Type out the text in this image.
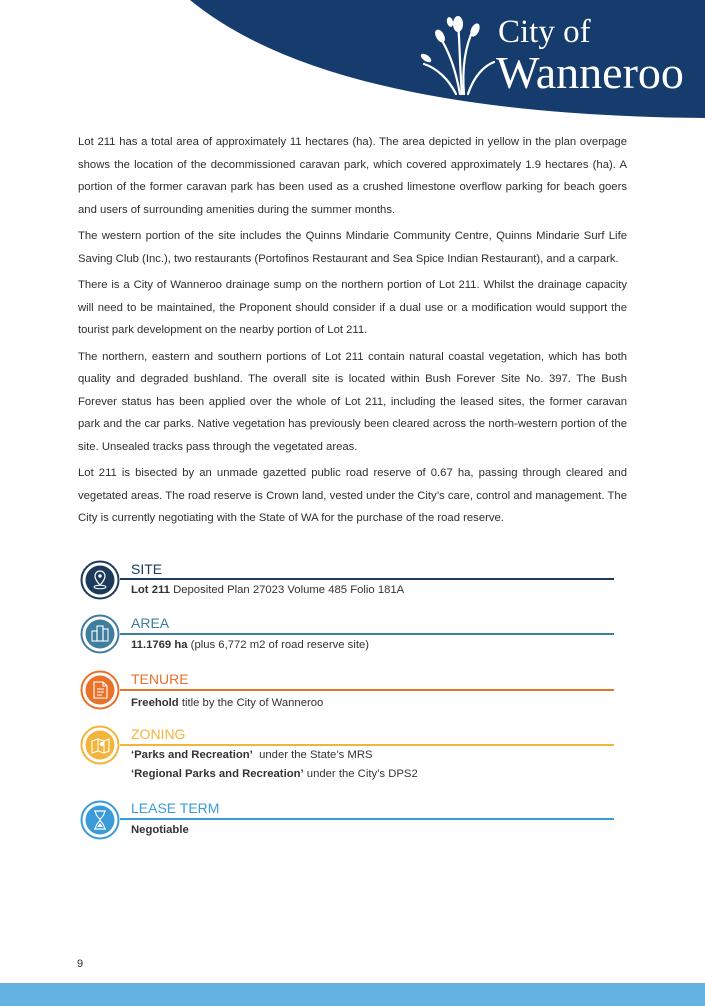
City of
Wanneroo

Lot 211 has a total area of approximately 11 hectares (ha). The area depicted in yellow in the plan overpage shows the location of the decommissioned caravan park, which covered approximately 1.9 hectares (ha). A portion of the former caravan park has been used as a crushed limestone overflow parking for beach goers and users of surrounding amenities during the summer months.

The western portion of the site includes the Quinns Mindarie Community Centre, Quinns Mindarie Surf Life Saving Club (Inc.), two restaurants (Portofinos Restaurant and Sea Spice Indian Restaurant), and a carpark.

There is a City of Wanneroo drainage sump on the northern portion of Lot 211. Whilst the drainage capacity will need to be maintained, the Proponent should consider if a dual use or a modification would support the tourist park development on the nearby portion of Lot 211.

The northern, eastern and southern portions of Lot 211 contain natural coastal vegetation, which has both quality and degraded bushland. The overall site is located within Bush Forever Site No. 397. The Bush Forever status has been applied over the whole of Lot 211, including the leased sites, the former caravan park and the car parks. Native vegetation has previously been cleared across the north-western portion of the site. Unsealed tracks pass through the vegetated areas.

Lot 211 is bisected by an unmade gazetted public road reserve of 0.67 ha, passing through cleared and vegetated areas. The road reserve is Crown land, vested under the City’s care, control and management. The City is currently negotiating with the State of WA for the purchase of the road reserve.

SITE
Lot 211 Deposited Plan 27023 Volume 485 Folio 181A
AREA
11.1769 ha (plus 6,772 m2 of road reserve site)
TENURE
Freehold title by the City of Wanneroo
ZONING
‘Parks and Recreation’  under the State’s MRS
‘Regional Parks and Recreation’ under the City’s DPS2
LEASE TERM
Negotiable
9
